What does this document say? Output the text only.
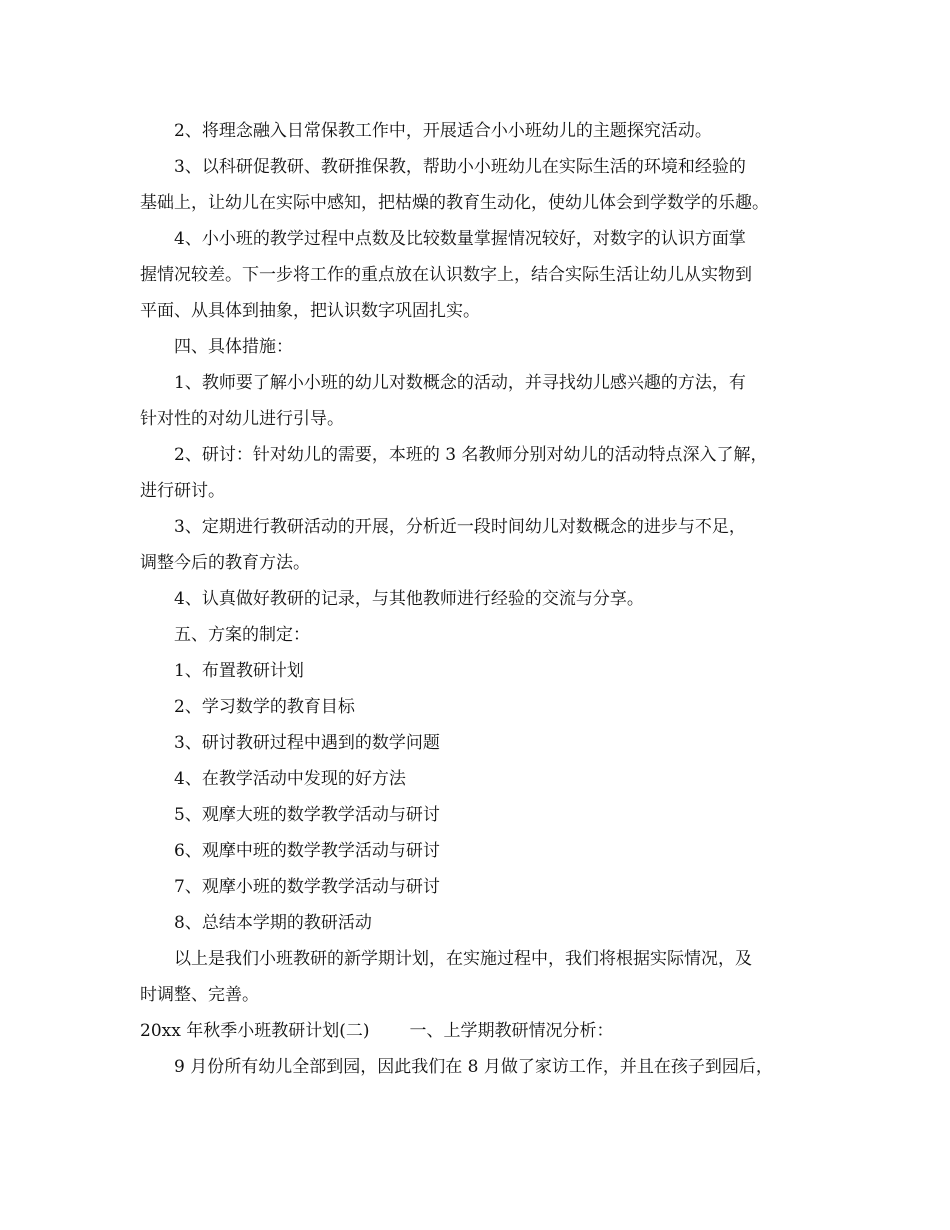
2、将理念融入日常保教工作中，开展适合小小班幼儿的主题探究活动。

3、以科研促教研、教研推保教，帮助小小班幼儿在实际生活的环境和经验的
基础上，让幼儿在实际中感知，把枯燥的教育生动化，使幼儿体会到学数学的乐趣。

4、小小班的教学过程中点数及比较数量掌握情况较好，对数字的认识方面掌
握情况较差。下一步将工作的重点放在认识数字上，结合实际生活让幼儿从实物到
平面、从具体到抽象，把认识数字巩固扎实。

四、具体措施：

1、教师要了解小小班的幼儿对数概念的活动，并寻找幼儿感兴趣的方法，有
针对性的对幼儿进行引导。

2、研讨：针对幼儿的需要，本班的 3 名教师分别对幼儿的活动特点深入了解，
进行研讨。

3、定期进行教研活动的开展，分析近一段时间幼儿对数概念的进步与不足，
调整今后的教育方法。

4、认真做好教研的记录，与其他教师进行经验的交流与分享。

五、方案的制定：

1、布置教研计划

2、学习数学的教育目标

3、研讨教研过程中遇到的数学问题

4、在教学活动中发现的好方法

5、观摩大班的数学教学活动与研讨

6、观摩中班的数学教学活动与研讨

7、观摩小班的数学教学活动与研讨

8、总结本学期的教研活动

以上是我们小班教研的新学期计划，在实施过程中，我们将根据实际情况，及
时调整、完善。

20xx 年秋季小班教研计划(二) 一、上学期教研情况分析：

9 月份所有幼儿全部到园，因此我们在 8 月做了家访工作，并且在孩子到园后，
